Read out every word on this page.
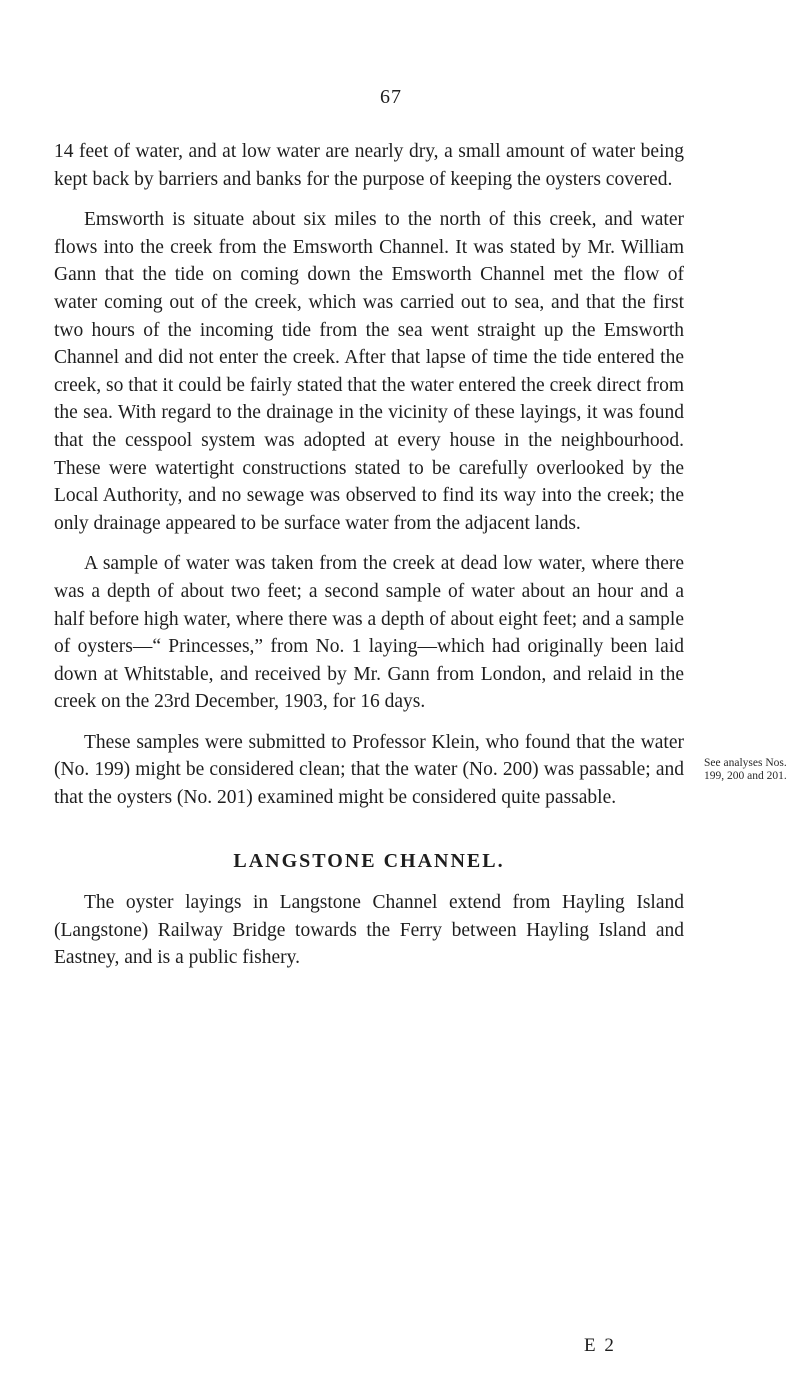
67

14 feet of water, and at low water are nearly dry, a small amount of water being kept back by barriers and banks for the purpose of keeping the oysters covered.

Emsworth is situate about six miles to the north of this creek, and water flows into the creek from the Emsworth Channel. It was stated by Mr. William Gann that the tide on coming down the Emsworth Channel met the flow of water coming out of the creek, which was carried out to sea, and that the first two hours of the incoming tide from the sea went straight up the Emsworth Channel and did not enter the creek. After that lapse of time the tide entered the creek, so that it could be fairly stated that the water entered the creek direct from the sea. With regard to the drainage in the vicinity of these layings, it was found that the cesspool system was adopted at every house in the neighbourhood. These were watertight constructions stated to be carefully overlooked by the Local Authority, and no sewage was observed to find its way into the creek; the only drainage appeared to be surface water from the adjacent lands.

A sample of water was taken from the creek at dead low water, where there was a depth of about two feet; a second sample of water about an hour and a half before high water, where there was a depth of about eight feet; and a sample of oysters—“ Princesses,” from No. 1 laying—which had originally been laid down at Whitstable, and received by Mr. Gann from London, and relaid in the creek on the 23rd December, 1903, for 16 days.

These samples were submitted to Professor Klein, who found that the water (No. 199) might be considered clean; that the water (No. 200) was passable; and that the oysters (No. 201) examined might be considered quite passable.

LANGSTONE CHANNEL.

The oyster layings in Langstone Channel extend from Hayling Island (Langstone) Railway Bridge towards the Ferry between Hayling Island and Eastney, and is a public fishery.

See analyses Nos. 199, 200 and 201.
E 2
